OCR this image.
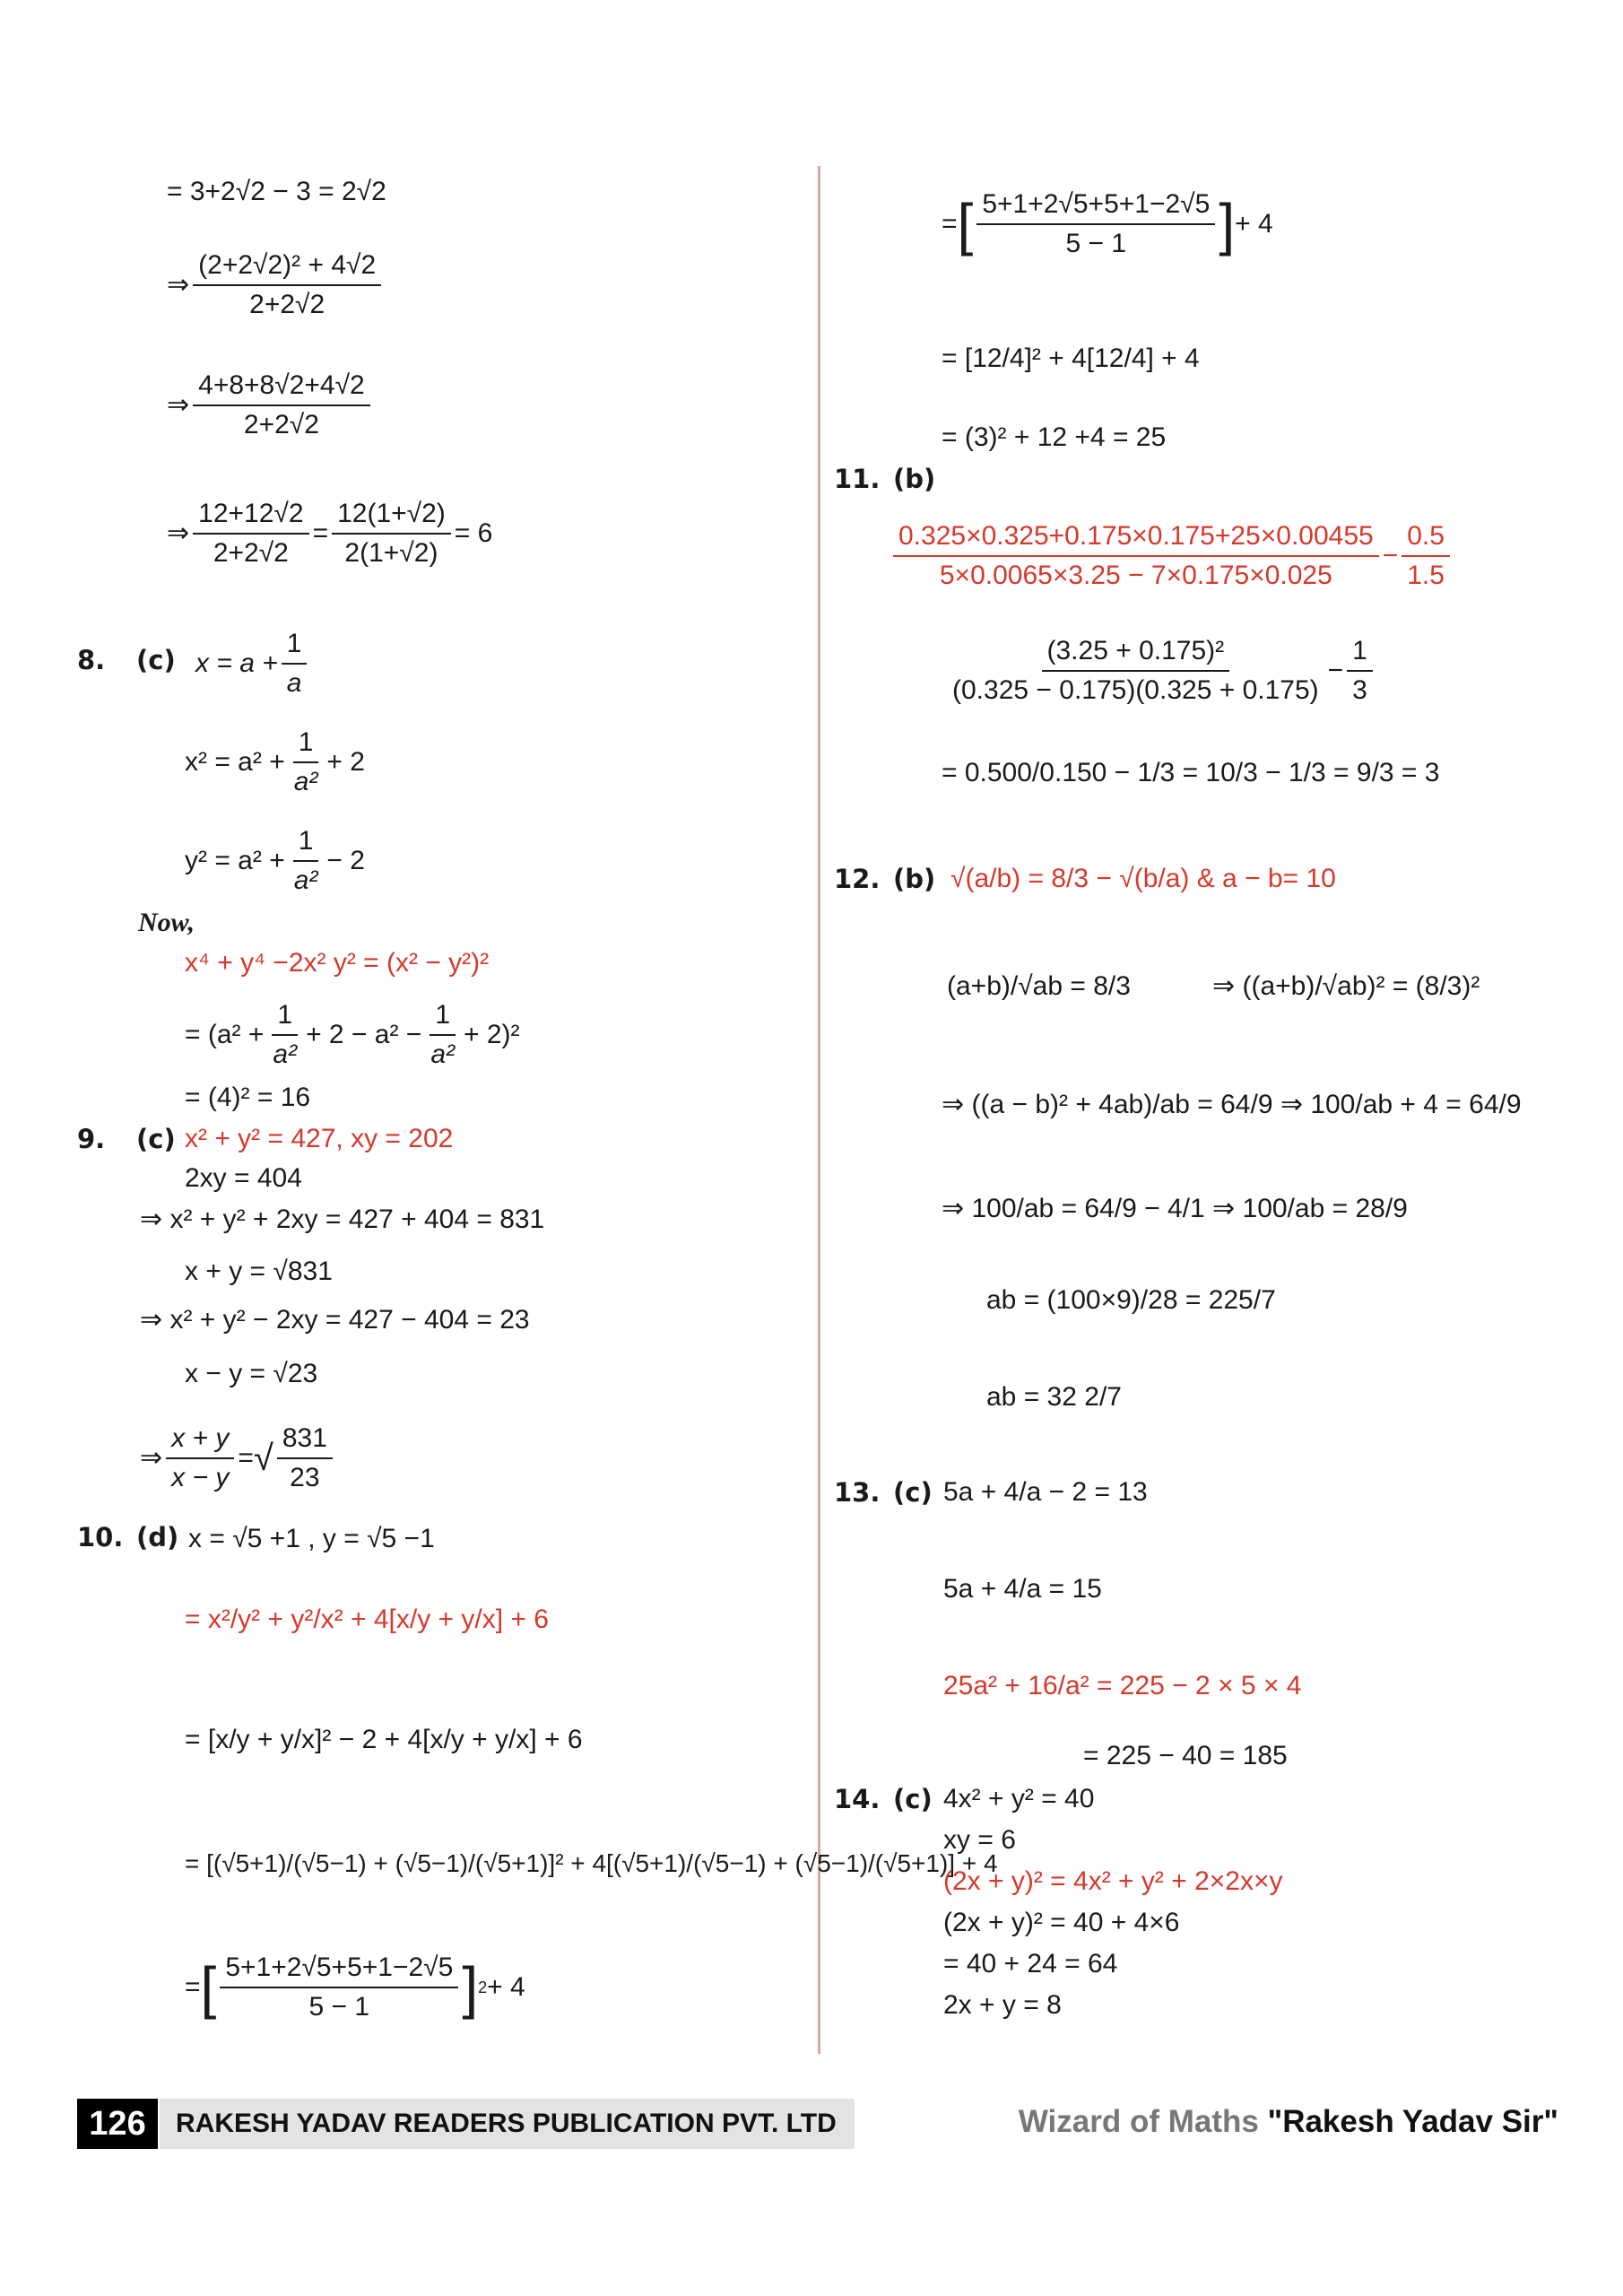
= 3+2√2 − 3 = 2√2
⇒ $\frac{\text{(2+2√2)² + 4√2}}{2+2√2}$
⇒ $\frac{4+8+8√2+4√2}{2+2√2}$
⇒ $\frac{12+12√2}{2+2√2} = \frac{12(1+√2)}{2(1+√2)} = 6$
8. (c) $x = a + \frac{1}{a}$
$x^2 = a^2 + \frac{1}{\text{a²}} + 2$
$y^2 = a^2 + \frac{1}{\text{a²}} - 2$
Now,
x⁴ + y⁴ −2x² y² = (x² − y²)²
= $(a^2 + \frac{1}{\text{a²}} + 2 - a^2 - \frac{1}{\text{a²}} + 2)^2$
= (4)² = 16
9. (c) x² + y² = 427, xy = 202
2xy = 404
⇒ x² + y² + 2xy = 427 + 404 = 831
x + y = √831
⇒ x² + y² − 2xy = 427 − 404 = 23
x − y = √23
⇒ $\frac{x + y}{x - y}$ = √ $\frac{831}{23}$
10. (d) x = √5 +1 , y = √5 −1
= x²/y² + y²/x² + 4[x/y + y/x] + 6
= [x/y + y/x]² − 2 + 4[x/y + y/x] + 6
= [(√5+1)/(√5−1) + (√5−1)/(√5+1)]² + 4[(√5+1)/(√5−1) + (√5−1)/(√5+1)] + 4
= [ $\frac{5+1+2√5+5+1-2√5}{5 - 1}$ ] 2 + 4
= [ $\frac{5+1+2√5+5+1-2√5}{5 - 1}$ ] + 4
= [12/4]² + 4[12/4] + 4
= (3)² + 12 +4 = 25
11. (b)
$\frac{0.325\times 0.325+0.175\times 0.175+25\times 0.00455}{5\times 0.0065\times 3.25 - 7\times 0.175\times 0.025} - \frac{0.5}{1.5}$
$\frac{\text{(3.25 + 0.175)²}}{(0.325 - 0.175)(0.325 + 0.175)} - \frac{1}{3}$
= 0.500/0.150 − 1/3 = 10/3 − 1/3 = 9/3 = 3
12. (b) √(a/b) = 8/3 − √(b/a) & a − b= 10
(a+b)/√ab = 8/3	⇒ ((a+b)/√ab)² = (8/3)²
⇒ ((a − b)² + 4ab)/ab = 64/9 ⇒ 100/ab + 4 = 64/9
⇒ 100/ab = 64/9 − 4/1 ⇒ 100/ab = 28/9
ab = (100×9)/28 = 225/7
ab = 32 2/7
13. (c) 5a + 4/a − 2 = 13
5a + 4/a = 15
25a² + 16/a² = 225 − 2 × 5 × 4
= 225 − 40 = 185
14. (c) 4x² + y² = 40
xy = 6
(2x + y)² = 4x² + y² + 2×2x×y
(2x + y)² = 40 + 4×6
= 40 + 24 = 64
2x + y = 8
126	RAKESH YADAV READERS PUBLICATION PVT. LTD	Wizard of Maths "Rakesh Yadav Sir"
